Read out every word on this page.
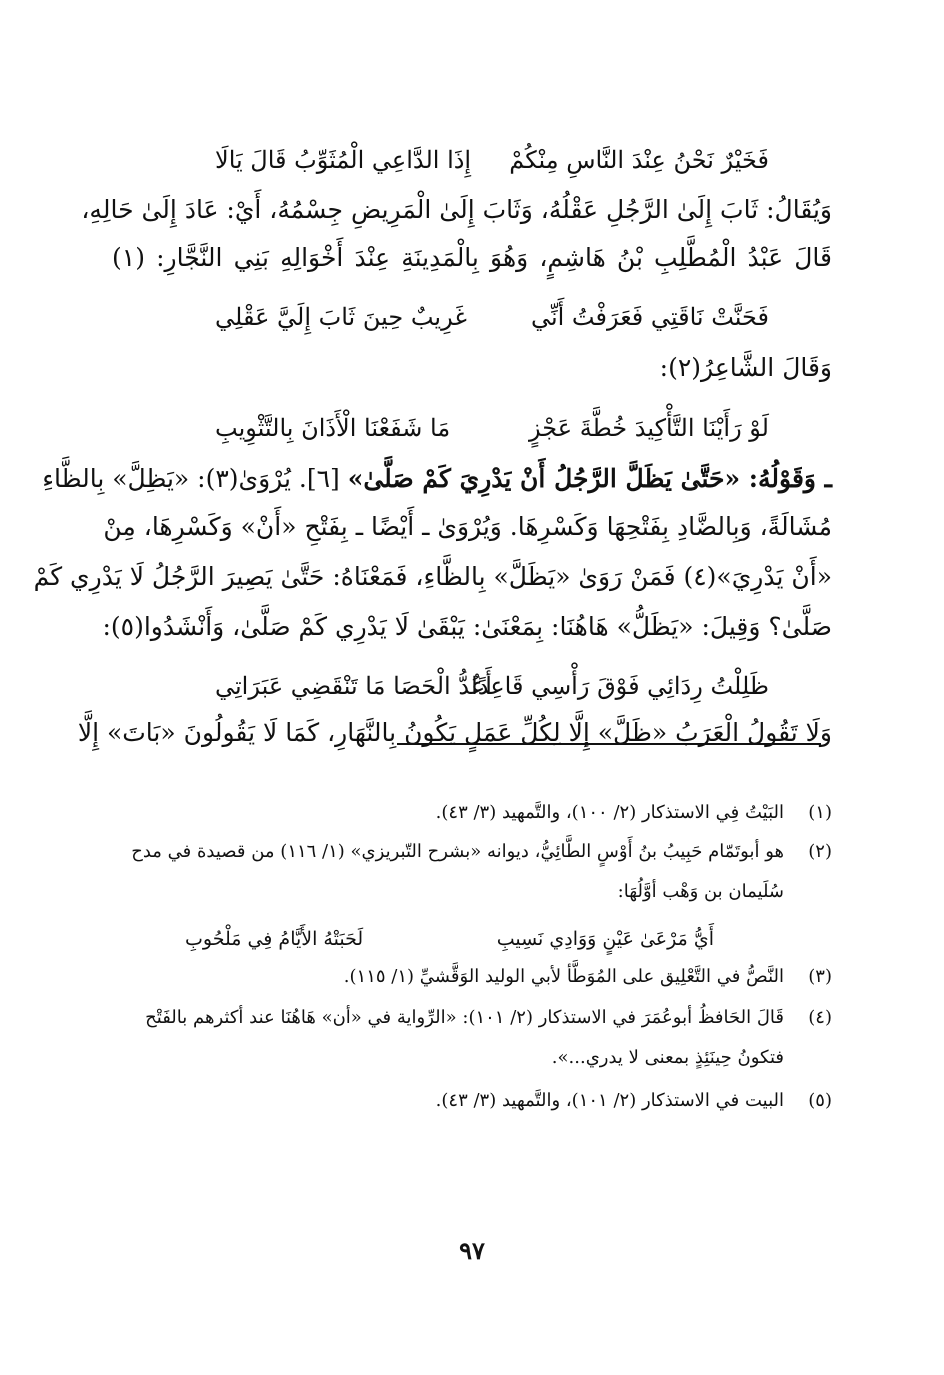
فَخَيْرٌ نَحْنُ عِنْدَ النَّاسِ مِنْكُمْ
إِذَا الدَّاعِي الْمُثَوِّبُ قَالَ يَالَا
وَيُقَالُ: ثَابَ إِلَىٰ الرَّجُلِ عَقْلُهُ، وَثَابَ إِلَىٰ الْمَرِيضِ جِسْمُهُ، أَيْ: عَادَ إِلَىٰ حَالِهِ،
قَالَ عَبْدُ الْمُطَّلِبِ بْنُ هَاشِمٍ، وَهُوَ بِالْمَدِينَةِ عِنْدَ أَخْوَالِهِ بَنِي النَّجَّارِ: (١)
فَحَنَّتْ نَاقَتِي فَعَرَفْتُ أَنِّي
غَرِيبٌ حِينَ ثَابَ إِلَيَّ عَقْلِي
وَقَالَ الشَّاعِرُ(٢):
لَوْ رَأَيْنَا التَّأْكِيدَ خُطَّةَ عَجْزٍ
مَا شَفَعْنَا الْأَذَانَ بِالتَّثْوِيبِ
ـ وَقَوْلُهُ: «حَتَّىٰ يَظَلَّ الرَّجُلُ أَنْ يَدْرِيَ كَمْ صَلَّىٰ» [٦]. يُرْوَىٰ(٣): «يَظِلَّ» بِالظَّاءِ
مُشَالَةً، وَبِالضَّادِ بِفَتْحِهَا وَكَسْرِهَا. وَيُرْوَىٰ ـ أَيْضًا ـ بِفَتْحِ «أَنْ» وَكَسْرِهَا، مِنْ
«أَنْ يَدْرِيَ»(٤) فَمَنْ رَوَىٰ «يَظَلَّ» بِالظَّاءِ، فَمَعْنَاهُ: حَتَّىٰ يَصِيرَ الرَّجُلُ لَا يَدْرِي كَمْ
صَلَّىٰ؟ وَقِيلَ: «يَظَلُّ» هَاهُنَا: بِمَعْنَىٰ: يَبْقَىٰ لَا يَدْرِي كَمْ صَلَّىٰ، وَأَنْشَدُوا(٥):
ظَلِلْتُ رِدَائِي فَوْقَ رَأْسِي قَاعِدًا
أَعُدُّ الْحَصَا مَا تَنْقَضِي عَبَرَاتِي
وَلَا تَقُولُ الْعَرَبُ «ظَلَّ» إِلَّا لِكُلِّ عَمَلٍ يَكُونُ بِالنَّهَارِ، كَمَا لَا يَقُولُونَ «بَاتَ» إِلَّا
(١)البَيْتُ فِي الاستذكار (٢/ ١٠٠)، والتَّمهيد (٣/ ٤٣).
(٢)هو أبوتَمّام حَبِيبُ بنُ أَوْسٍ الطَّائِيُّ، ديوانه «بشرح التّبريزي» (١/ ١١٦) من قصيدة في مدح
سُلَيمان بن وَهْب أوَّلُهَا:
أَيُّ مَرْعَىٰ عَيْنٍ وَوَادِي نَسِيبِ
لَحَبَتْهُ الأَيَّامُ فِي مَلْحُوبِ
(٣)النَّصُّ في التَّعْلِيق على المُوَطَّأ لأبي الوليد الوَقَّشيِّ (١/ ١١٥).
(٤)قَالَ الحَافظُ أبوعُمَرَ في الاستذكار (٢/ ١٠١): «الرِّواية في «أن» هَاهُنَا عند أكثرهم بالفَتْح
فتكونُ حِينَئِذٍ بمعنى لا يدري...».
(٥)البيت في الاستذكار (٢/ ١٠١)، والتَّمهيد (٣/ ٤٣).
٩٧
